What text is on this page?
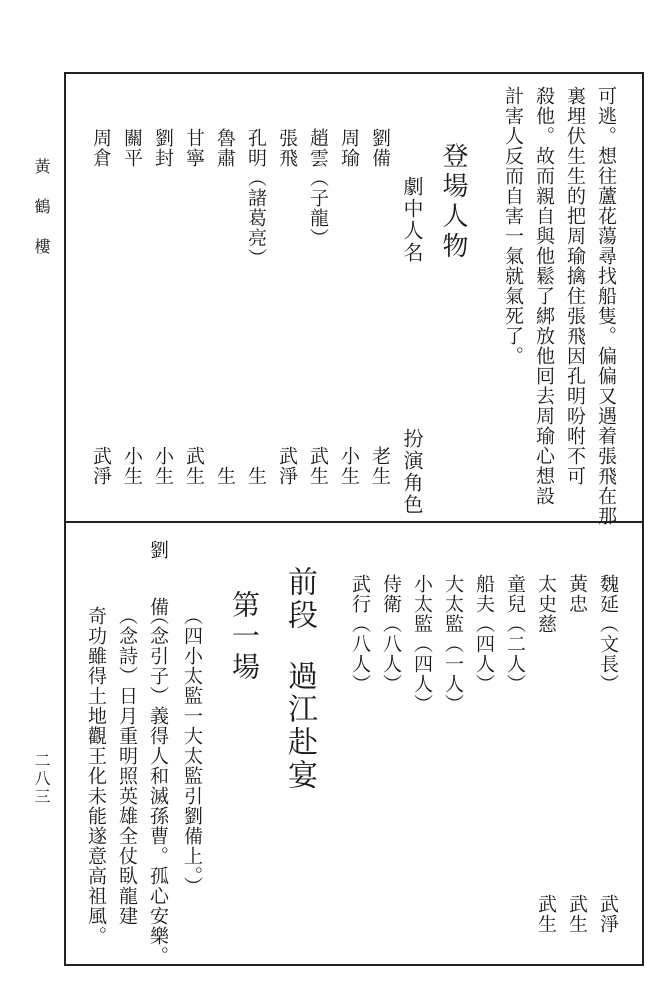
黃鶴樓
二八三
可逃。想往蘆花蕩尋找船隻。偏偏又遇着張飛在那
裏埋伏生生的把周瑜擒住張飛因孔明吩咐不可
殺他。故而親自與他鬆了綁放他囘去周瑜心想設
計害人反而自害一氣就氣死了。
登場人物
劇中人名
扮演角色
劉備
老生
周瑜
小生
趙雲（子龍）
武生
張飛
武淨
孔明（諸葛亮）
生
魯肅
生
甘寧
武生
劉封
小生
關平
小生
周倉
武淨
魏延（文長）
武淨
黃忠
武生
太史慈
武生
童兒（二人）
船夫（四人）
大太監（一人）
小太監（四人）
侍衛（八人）
武行（八人）
前段
過江赴宴
第一場
（四小太監一大太監引劉備上。）
劉　　備
（念引子）義得人和滅孫曹。孤心安樂。
（念詩）日月重明照英雄全仗臥龍建
奇功雖得土地觀王化未能遂意高祖風。
